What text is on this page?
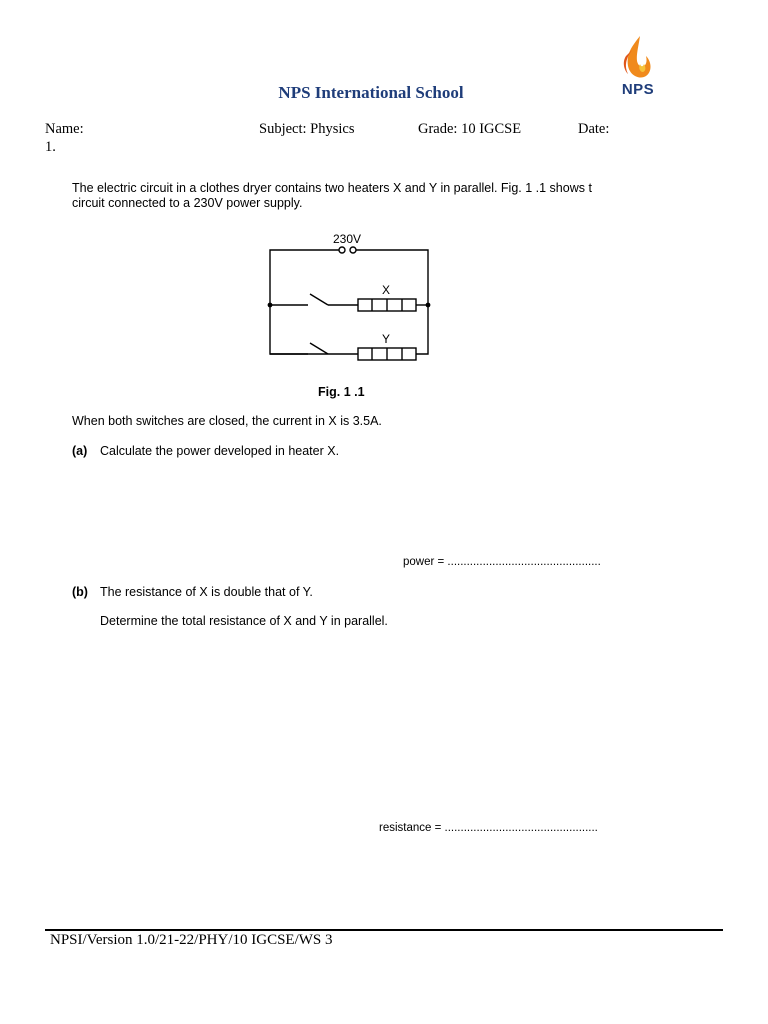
NPS International School	NPS
Name:	Subject: Physics	Grade: 10 IGCSE	Date:
1.
The electric circuit in a clothes dryer contains two heaters X and Y in parallel. Fig. 1 .1 shows t
circuit connected to a 230V power supply.
230V
X
Y
Fig. 1 .1
When both switches are closed, the current in X is 3.5A.
(a) Calculate the power developed in heater X.
power = ................................................
(b) The resistance of X is double that of Y.
Determine the total resistance of X and Y in parallel.
resistance = ................................................
NPSI/Version 1.0/21-22/PHY/10 IGCSE/WS 3
